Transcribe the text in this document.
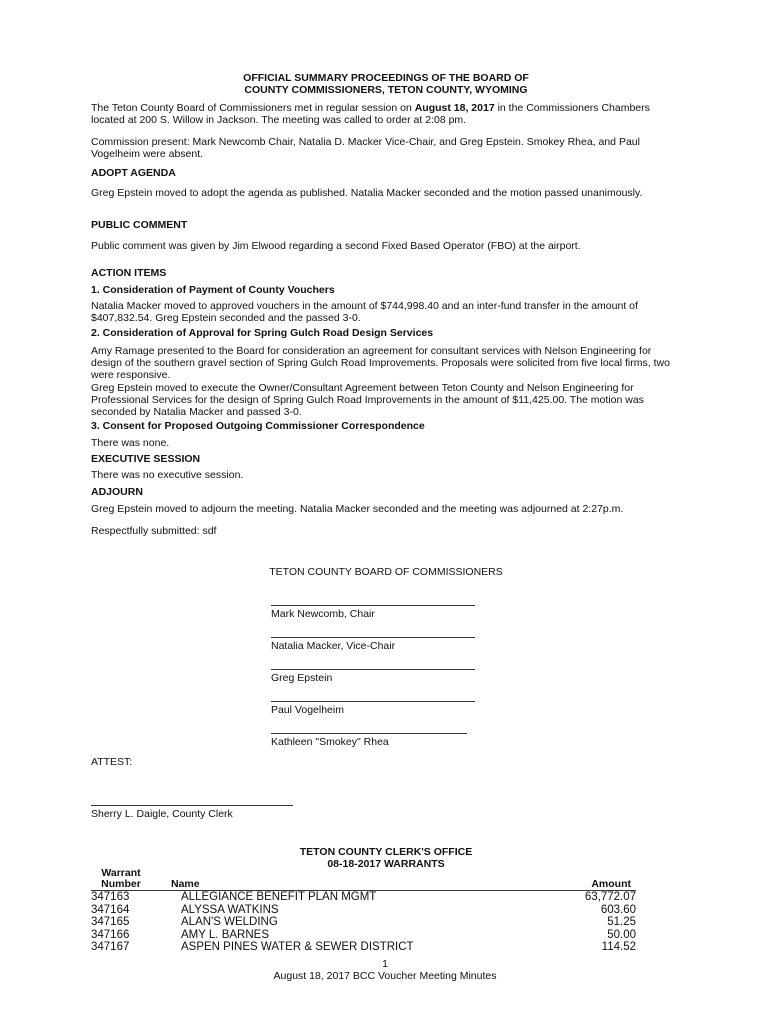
OFFICIAL SUMMARY PROCEEDINGS OF THE BOARD OF
COUNTY COMMISSIONERS, TETON COUNTY, WYOMING
The Teton County Board of Commissioners met in regular session on August 18, 2017 in the Commissioners Chambers located at 200 S. Willow in Jackson. The meeting was called to order at 2:08 pm.
Commission present: Mark Newcomb Chair, Natalia D. Macker Vice-Chair, and Greg Epstein. Smokey Rhea, and Paul Vogelheim were absent.
ADOPT AGENDA
Greg Epstein moved to adopt the agenda as published. Natalia Macker seconded and the motion passed unanimously.
PUBLIC COMMENT
Public comment was given by Jim Elwood regarding a second Fixed Based Operator (FBO) at the airport.
ACTION ITEMS
1. Consideration of Payment of County Vouchers
Natalia Macker moved to approved vouchers in the amount of $744,998.40 and an inter-fund transfer in the amount of $407,832.54. Greg Epstein seconded and the passed 3-0.
2. Consideration of Approval for Spring Gulch Road Design Services
Amy Ramage presented to the Board for consideration an agreement for consultant services with Nelson Engineering for design of the southern gravel section of Spring Gulch Road Improvements. Proposals were solicited from five local firms, two were responsive.
Greg Epstein moved to execute the Owner/Consultant Agreement between Teton County and Nelson Engineering for Professional Services for the design of Spring Gulch Road Improvements in the amount of $11,425.00. The motion was seconded by Natalia Macker and passed 3-0.
3. Consent for Proposed Outgoing Commissioner Correspondence
There was none.
EXECUTIVE SESSION
There was no executive session.
ADJOURN
Greg Epstein moved to adjourn the meeting. Natalia Macker seconded and the meeting was adjourned at 2:27p.m.
Respectfully submitted: sdf
TETON COUNTY BOARD OF COMMISSIONERS
Mark Newcomb, Chair
Natalia Macker, Vice-Chair
Greg Epstein
Paul Vogelheim
Kathleen "Smokey" Rhea
ATTEST:
Sherry L. Daigle, County Clerk
TETON COUNTY CLERK'S OFFICE
08-18-2017 WARRANTS
Warrant
Number	Name	Amount
347163	ALLEGIANCE BENEFIT PLAN MGMT	63,772.07
347164	ALYSSA WATKINS	603.60
347165	ALAN'S WELDING	51.25
347166	AMY L. BARNES	50.00
347167	ASPEN PINES WATER & SEWER DISTRICT	114.52
1
August 18, 2017 BCC Voucher Meeting Minutes
